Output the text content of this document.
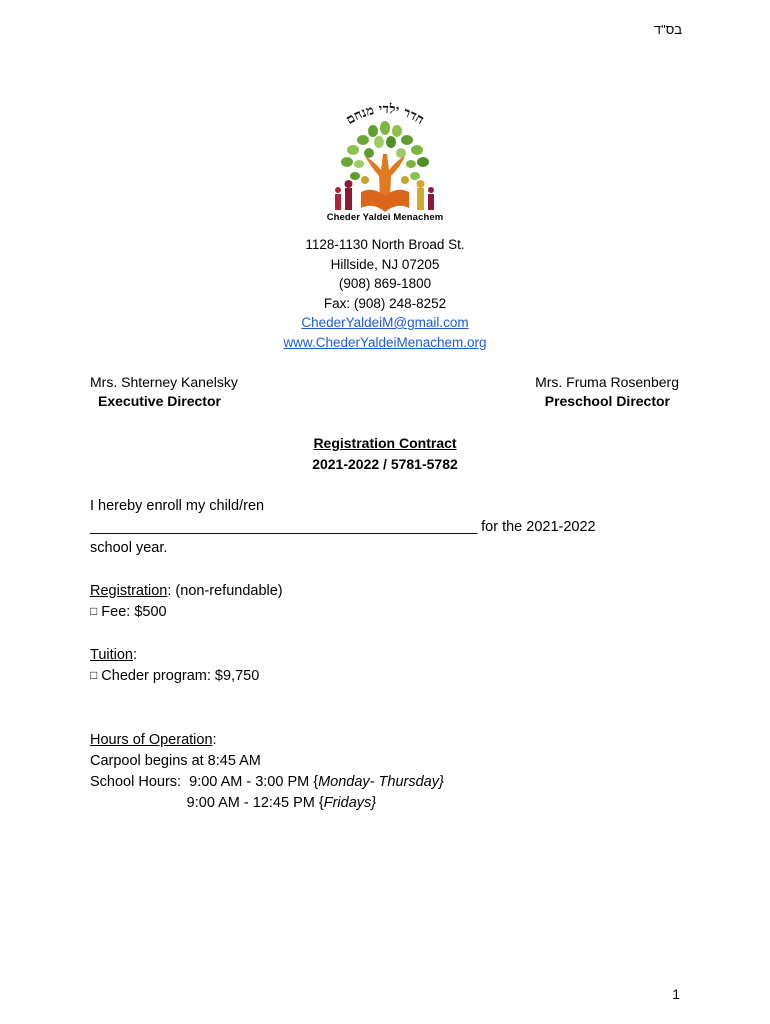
בס"ד
חדר ילדי מנחם
Cheder Yaldei Menachem
1128-1130 North Broad St.
Hillside, NJ 07205
(908) 869-1800
Fax: (908) 248-8252
ChederYaldeiM@gmail.com
www.ChederYaldeiMenachem.org
Mrs. Shterney Kanelsky
Executive Director
Mrs. Fruma Rosenberg
Preschool Director
Registration Contract
2021-2022 / 5781-5782
I hereby enroll my child/ren
________________________________________________ for the 2021-2022
school year.
Registration: (non-refundable)
□ Fee: $500
Tuition:
□ Cheder program: $9,750
Hours of Operation:
Carpool begins at 8:45 AM
School Hours:  9:00 AM - 3:00 PM {Monday- Thursday}
9:00 AM - 12:45 PM {Fridays}
1
